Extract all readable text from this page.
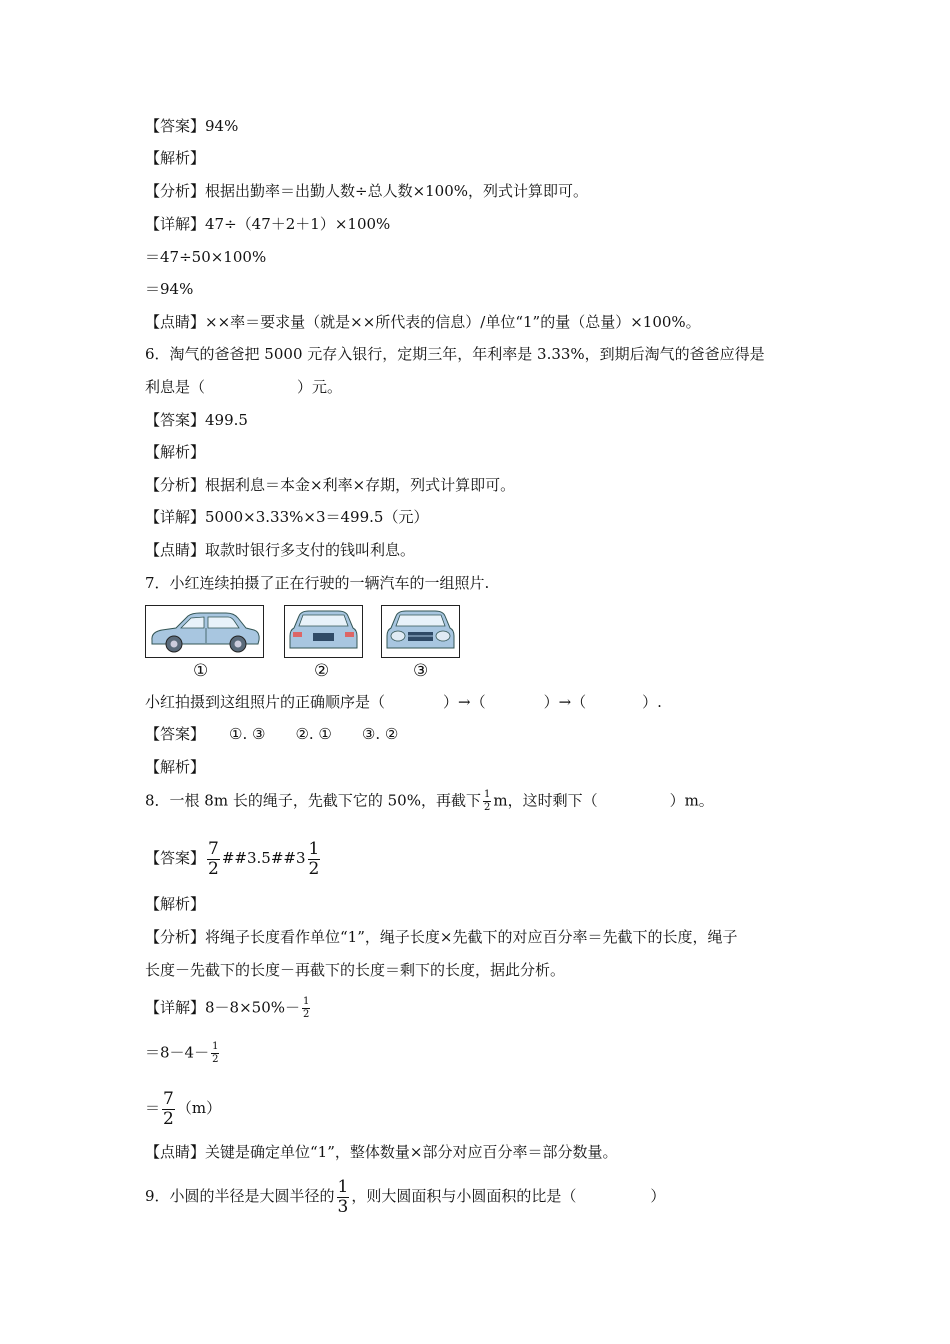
【答案】94%
【解析】
【分析】根据出勤率＝出勤人数÷总人数×100%，列式计算即可。
【详解】47÷（47＋2＋1）×100%
＝47÷50×100%
＝94%
【点睛】××率＝要求量（就是××所代表的信息）/单位“1”的量（总量）×100%。
6．淘气的爸爸把 5000 元存入银行，定期三年，年利率是 3.33%，到期后淘气的爸爸应得是
利息是（	）元。
【答案】499.5
【解析】
【分析】根据利息＝本金×利率×存期，列式计算即可。
【详解】5000×3.33%×3＝499.5（元）
【点睛】取款时银行多支付的钱叫利息。
7．小红连续拍摄了正在行驶的一辆汽车的一组照片.
①	②	③
小红拍摄到这组照片的正确顺序是（	）→（	）→（	）.
【答案】 ①. ③ ②. ① ③. ②
【解析】
8．一根 8m 长的绳子，先截下它的 50%，再截下 $\frac{1}{2}$ m，这时剩下（	）m。
【答案】 $\frac{7}{2}$ ##3.5##3 $\frac{1}{2}$
【解析】
【分析】将绳子长度看作单位“1”，绳子长度×先截下的对应百分率＝先截下的长度，绳子
长度－先截下的长度－再截下的长度＝剩下的长度，据此分析。
【详解】$8-8\times 50\%- \frac{1}{2}$
$=8-4- \frac{1}{2}$
＝ $\frac{7}{2} (m)$
【点睛】关键是确定单位“1”，整体数量×部分对应百分率＝部分数量。
9．小圆的半径是大圆半径的 $\frac{1}{3}$ ，则大圆面积与小圆面积的比是（	）
